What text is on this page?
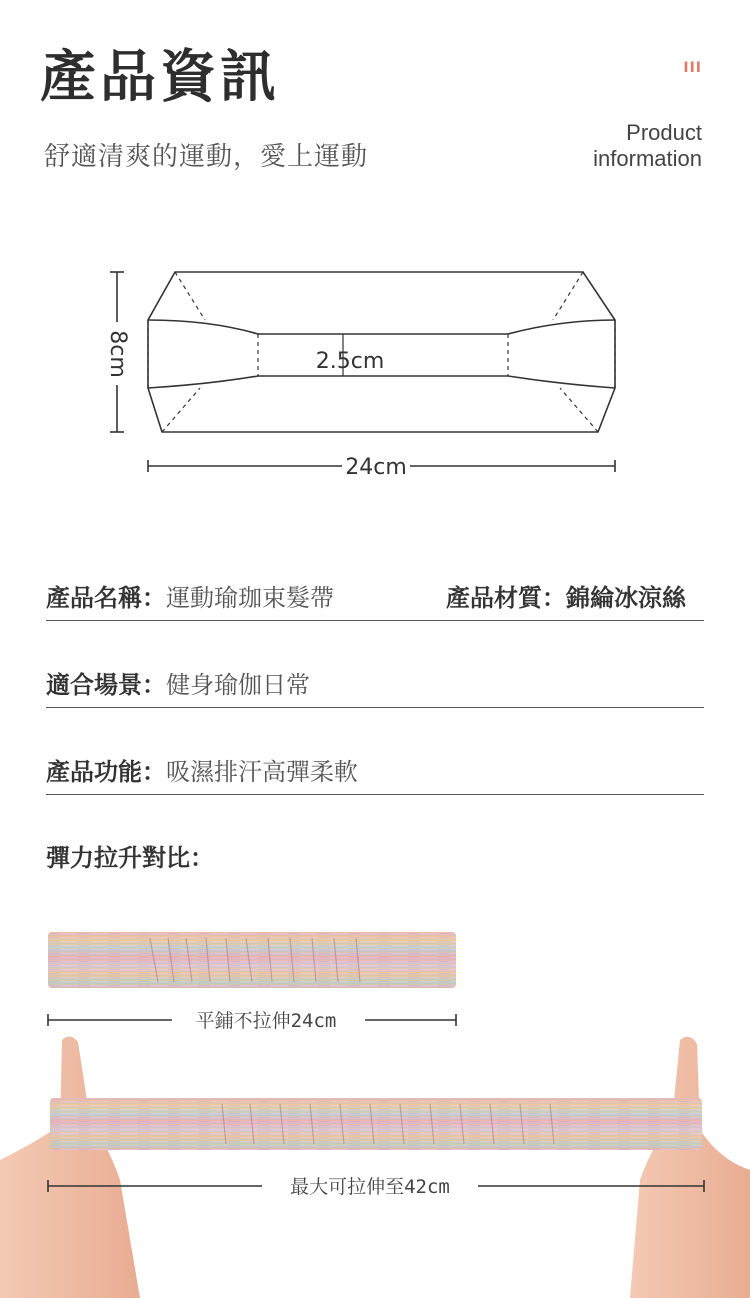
產品資訊
舒適清爽的運動，愛上運動
III
Product
information
8cm	2.5cm
24cm
產品名稱：運動瑜珈束髮帶	產品材質：錦綸冰涼絲
適合場景：健身瑜伽日常
產品功能：吸濕排汗高彈柔軟
彈力拉升對比：
平鋪不拉伸24cm
最大可拉伸至42cm
